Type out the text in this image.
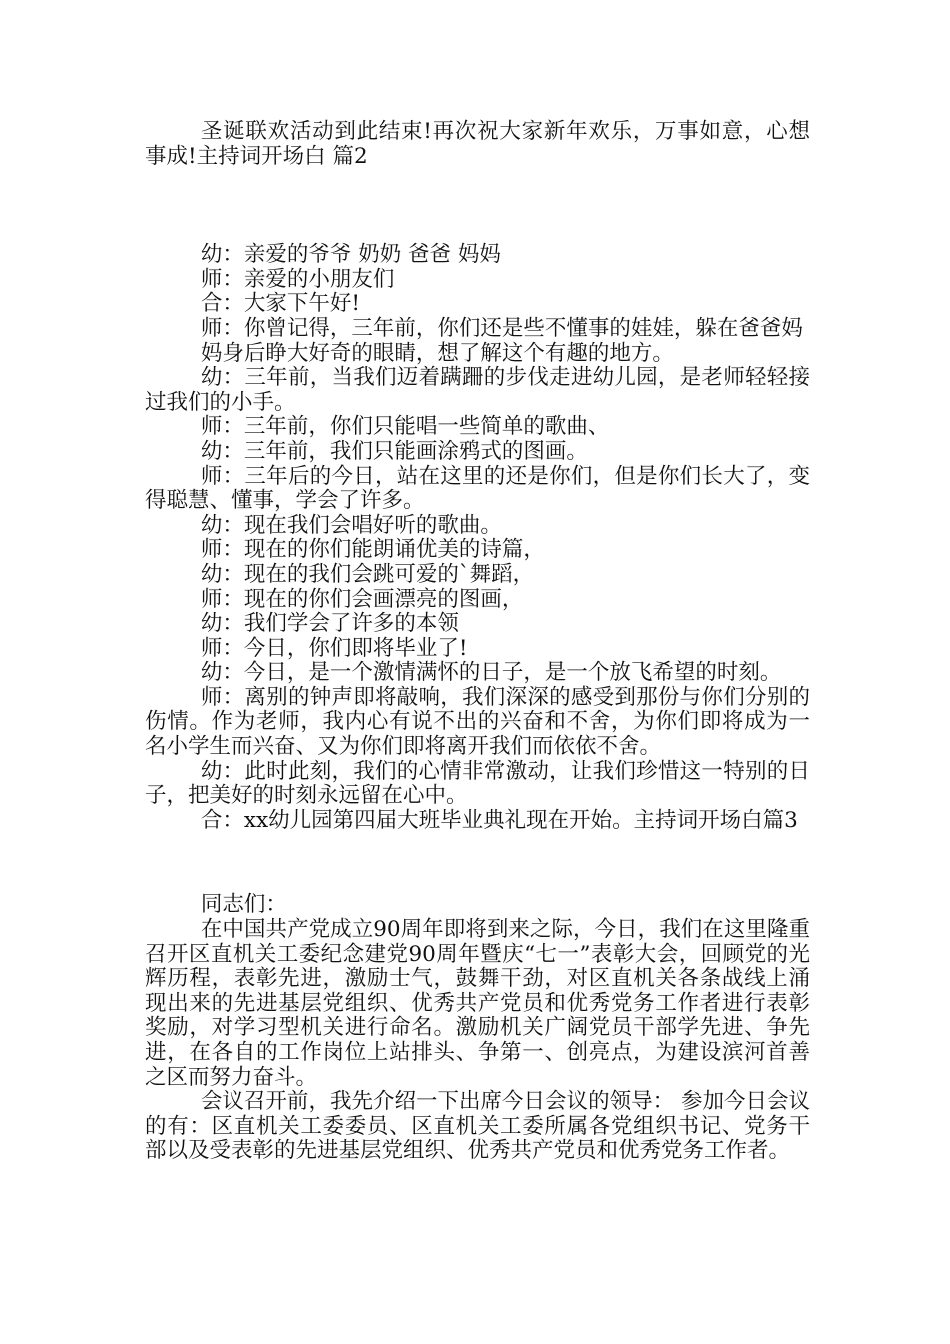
圣诞联欢活动到此结束!再次祝大家新年欢乐，万事如意，心想事成!主持词开场白 篇2

幼：亲爱的爷爷 奶奶 爸爸 妈妈

师：亲爱的小朋友们

合：大家下午好!

师：你曾记得，三年前，你们还是些不懂事的娃娃，躲在爸爸妈

妈身后睁大好奇的眼睛，想了解这个有趣的地方。

幼：三年前，当我们迈着蹒跚的步伐走进幼儿园，是老师轻轻接过我们的小手。

师：三年前，你们只能唱一些简单的歌曲、

幼：三年前，我们只能画涂鸦式的图画。

师：三年后的今日，站在这里的还是你们，但是你们长大了，变得聪慧、懂事，学会了许多。

幼：现在我们会唱好听的歌曲。

师：现在的你们能朗诵优美的诗篇，

幼：现在的我们会跳可爱的`舞蹈，

师：现在的你们会画漂亮的图画，

幼：我们学会了许多的本领

师：今日，你们即将毕业了!

幼：今日，是一个激情满怀的日子，是一个放飞希望的时刻。

师：离别的钟声即将敲响，我们深深的感受到那份与你们分别的伤情。作为老师，我内心有说不出的兴奋和不舍，为你们即将成为一名小学生而兴奋、又为你们即将离开我们而依依不舍。

幼：此时此刻，我们的心情非常激动，让我们珍惜这一特别的日子，把美好的时刻永远留在心中。

合：xx幼儿园第四届大班毕业典礼现在开始。主持词开场白篇3

同志们：

在中国共产党成立90周年即将到来之际，今日，我们在这里隆重召开区直机关工委纪念建党90周年暨庆“七一”表彰大会，回顾党的光辉历程，表彰先进，激励士气，鼓舞干劲，对区直机关各条战线上涌现出来的先进基层党组织、优秀共产党员和优秀党务工作者进行表彰奖励，对学习型机关进行命名。激励机关广阔党员干部学先进、争先进，在各自的工作岗位上站排头、争第一、创亮点，为建设滨河首善之区而努力奋斗。

会议召开前，我先介绍一下出席今日会议的领导： 参加今日会议的有：区直机关工委委员、区直机关工委所属各党组织书记、党务干部以及受表彰的先进基层党组织、优秀共产党员和优秀党务工作者。
